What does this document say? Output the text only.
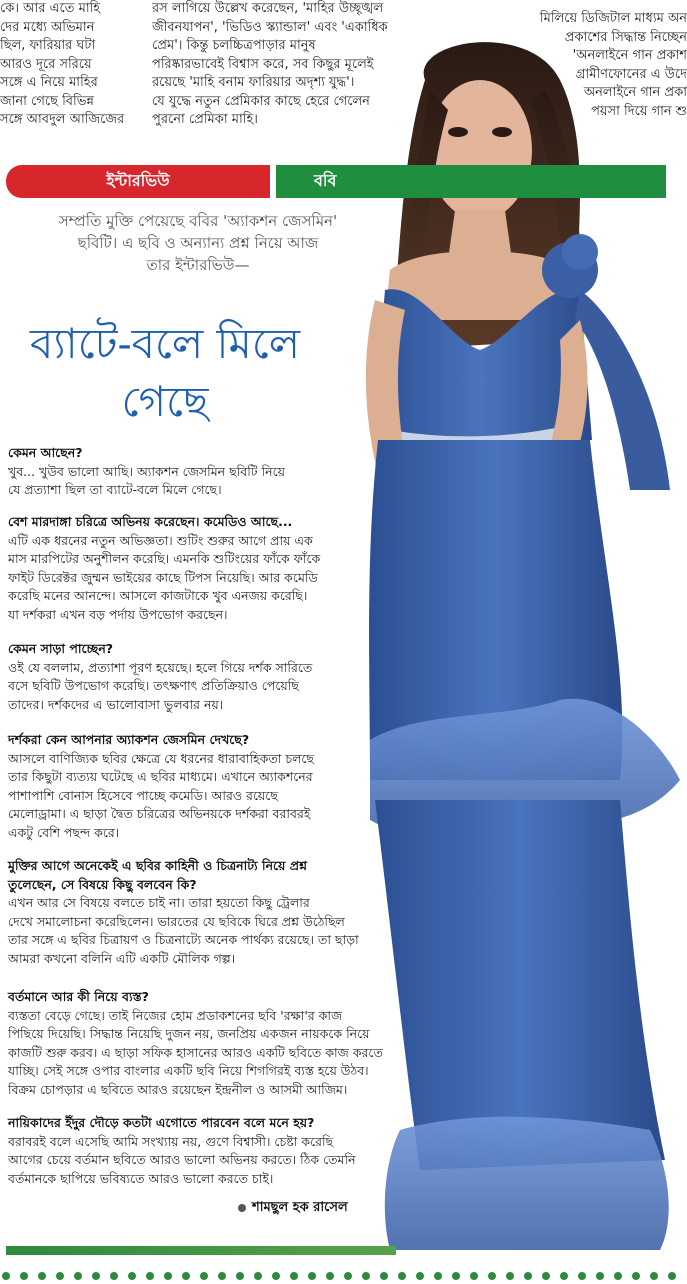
কে। আর এতে মাহি

দের মধ্যে অভিমান

ছিল, ফারিয়ার ঘটা

আরও দূরে সরিয়ে

সঙ্গে এ নিয়ে মাহির

জানা গেছে বিভিন্ন

সঙ্গে আবদুল আজিজের

রস লাগিয়ে উল্লেখ করেছেন, 'মাহির উচ্ছৃঙ্খল

জীবনযাপন', 'ভিডিও স্ক্যান্ডাল' এবং 'একাধিক

প্রেম'। কিন্তু চলচ্চিত্রপাড়ার মানুষ

পরিষ্কারভাবেই বিশ্বাস করে, সব কিছুর মূলেই

রয়েছে 'মাহি বনাম ফারিয়ার অদৃশ্য যুদ্ধ'।

যে যুদ্ধে নতুন প্রেমিকার কাছে হেরে গেলেন

পুরনো প্রেমিকা মাহি।

মিলিয়ে ডিজিটাল মাধ্যম অন

প্রকাশের সিদ্ধান্ত নিচ্ছেন

'অনলাইনে গান প্রকাশ

গ্রামীণফোনের এ উদে

অনলাইনে গান প্রকা

পয়সা দিয়ে গান শু

ইন্টারভিউ	ববি
সম্প্রতি মুক্তি পেয়েছে ববির 'অ্যাকশন জেসমিন'
ছবিটি। এ ছবি ও অন্যান্য প্রশ্ন নিয়ে আজ
তার ইন্টারভিউ—
ব্যাটে-বলে মিলে
গেছে
কেমন আছেন?
খুব... খুউব ভালো আছি। অ্যাকশন জেসমিন ছবিটি নিয়ে
যে প্রত্যাশা ছিল তা ব্যাটে-বলে মিলে গেছে।
বেশ মারদাঙ্গা চরিত্রে অভিনয় করেছেন। কমেডিও আছে...
এটি এক ধরনের নতুন অভিজ্ঞতা। শুটিং শুরুর আগে প্রায় এক
মাস মারপিটের অনুশীলন করেছি। এমনকি শুটিংয়ের ফাঁকে ফাঁকে
ফাইট ডিরেক্টর জুম্মন ভাইয়ের কাছে টিপস নিয়েছি। আর কমেডি
করেছি মনের আনন্দে। আসলে কাজটাকে খুব এনজয় করেছি।
যা দর্শকরা এখন বড় পর্দায় উপভোগ করছেন।
কেমন সাড়া পাচ্ছেন?
ওই যে বললাম, প্রত্যাশা পূরণ হয়েছে। হলে গিয়ে দর্শক সারিতে
বসে ছবিটি উপভোগ করেছি। তৎক্ষণাৎ প্রতিক্রিয়াও পেয়েছি
তাদের। দর্শকদের এ ভালোবাসা ভুলবার নয়।
দর্শকরা কেন আপনার অ্যাকশন জেসমিন দেখছে?
আসলে বাণিজ্যিক ছবির ক্ষেত্রে যে ধরনের ধারাবাহিকতা চলছে
তার কিছুটা ব্যত্যয় ঘটেছে এ ছবির মাধ্যমে। এখানে অ্যাকশনের
পাশাপাশি বোনাস হিসেবে পাচ্ছে কমেডি। আরও রয়েছে
মেলোড্রামা। এ ছাড়া দ্বৈত চরিত্রের অভিনয়কে দর্শকরা বরাবরই
একটু বেশি পছন্দ করে।
মুক্তির আগে অনেকেই এ ছবির কাহিনী ও চিত্রনাট্য নিয়ে প্রশ্ন
তুলেছেন, সে বিষয়ে কিছু বলবেন কি?
এখন আর সে বিষয়ে বলতে চাই না। তারা হয়তো কিছু ট্রেলার
দেখে সমালোচনা করেছিলেন। ভারতের যে ছবিকে ঘিরে প্রশ্ন উঠেছিল
তার সঙ্গে এ ছবির চিত্রায়ণ ও চিত্রনাট্যে অনেক পার্থক্য রয়েছে। তা ছাড়া
আমরা কখনো বলিনি এটি একটি মৌলিক গল্প।
বর্তমানে আর কী নিয়ে ব্যস্ত?
ব্যস্ততা বেড়ে গেছে। তাই নিজের হোম প্রডাকশনের ছবি 'রক্ষা'র কাজ
পিছিয়ে দিয়েছি। সিদ্ধান্ত নিয়েছি দুজন নয়, জনপ্রিয় একজন নায়ককে নিয়ে
কাজটি শুরু করব। এ ছাড়া সফিক হাসানের আরও একটি ছবিতে কাজ করতে
যাচ্ছি। সেই সঙ্গে ওপার বাংলার একটি ছবি নিয়ে শিগগিরই ব্যস্ত হয়ে উঠব।
বিক্রম চোপড়ার এ ছবিতে আরও রয়েছেন ইন্দ্রনীল ও আসমী আজিম।
নায়িকাদের ইঁদুর দৌড়ে কতটা এগোতে পারবেন বলে মনে হয়?
বরাবরই বলে এসেছি আমি সংখ্যায় নয়, গুণে বিশ্বাসী। চেষ্টা করেছি
আগের চেয়ে বর্তমান ছবিতে আরও ভালো অভিনয় করতে। ঠিক তেমনি
বর্তমানকে ছাপিয়ে ভবিষ্যতে আরও ভালো করতে চাই।
শামছুল হক রাসেল
